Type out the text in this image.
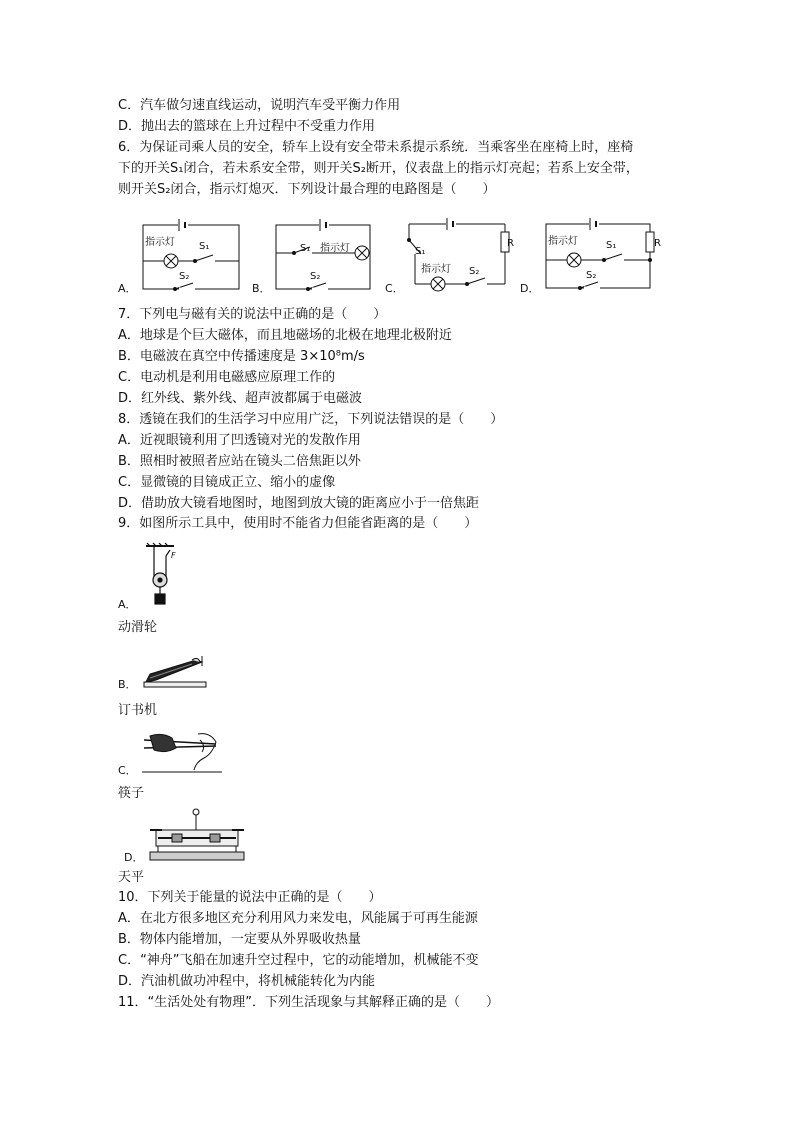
C．汽车做匀速直线运动，说明汽车受平衡力作用
D．抛出去的篮球在上升过程中不受重力作用
6．为保证司乘人员的安全，轿车上设有安全带未系提示系统．当乘客坐在座椅上时，座椅
下的开关S₁闭合，若未系安全带，则开关S₂断开，仪表盘上的指示灯亮起；若系上安全带，
则开关S₂闭合，指示灯熄灭．下列设计最合理的电路图是（　　）
A．
指示灯 S₁
S₂
B．
S₁ 指示灯
S₂
C．
S₁
R
指示灯 S₂
D．
指示灯	S₁	R
S₂
7．下列电与磁有关的说法中正确的是（　　）
A．地球是个巨大磁体，而且地磁场的北极在地理北极附近
B．电磁波在真空中传播速度是 3×10⁸m/s
C．电动机是利用电磁感应原理工作的
D．红外线、紫外线、超声波都属于电磁波
8．透镜在我们的生活学习中应用广泛，下列说法错误的是（　　）
A．近视眼镜利用了凹透镜对光的发散作用
B．照相时被照者应站在镜头二倍焦距以外
C．显微镜的目镜成正立、缩小的虚像
D．借助放大镜看地图时，地图到放大镜的距离应小于一倍焦距
9．如图所示工具中，使用时不能省力但能省距离的是（　　）
F
A．
动滑轮
B．
订书机
C．
筷子
D．
天平
10．下列关于能量的说法中正确的是（　　）
A．在北方很多地区充分利用风力来发电，风能属于可再生能源
B．物体内能增加，一定要从外界吸收热量
C．“神舟”飞船在加速升空过程中，它的动能增加，机械能不变
D．汽油机做功冲程中，将机械能转化为内能
11．“生活处处有物理”．下列生活现象与其解释正确的是（　　）
